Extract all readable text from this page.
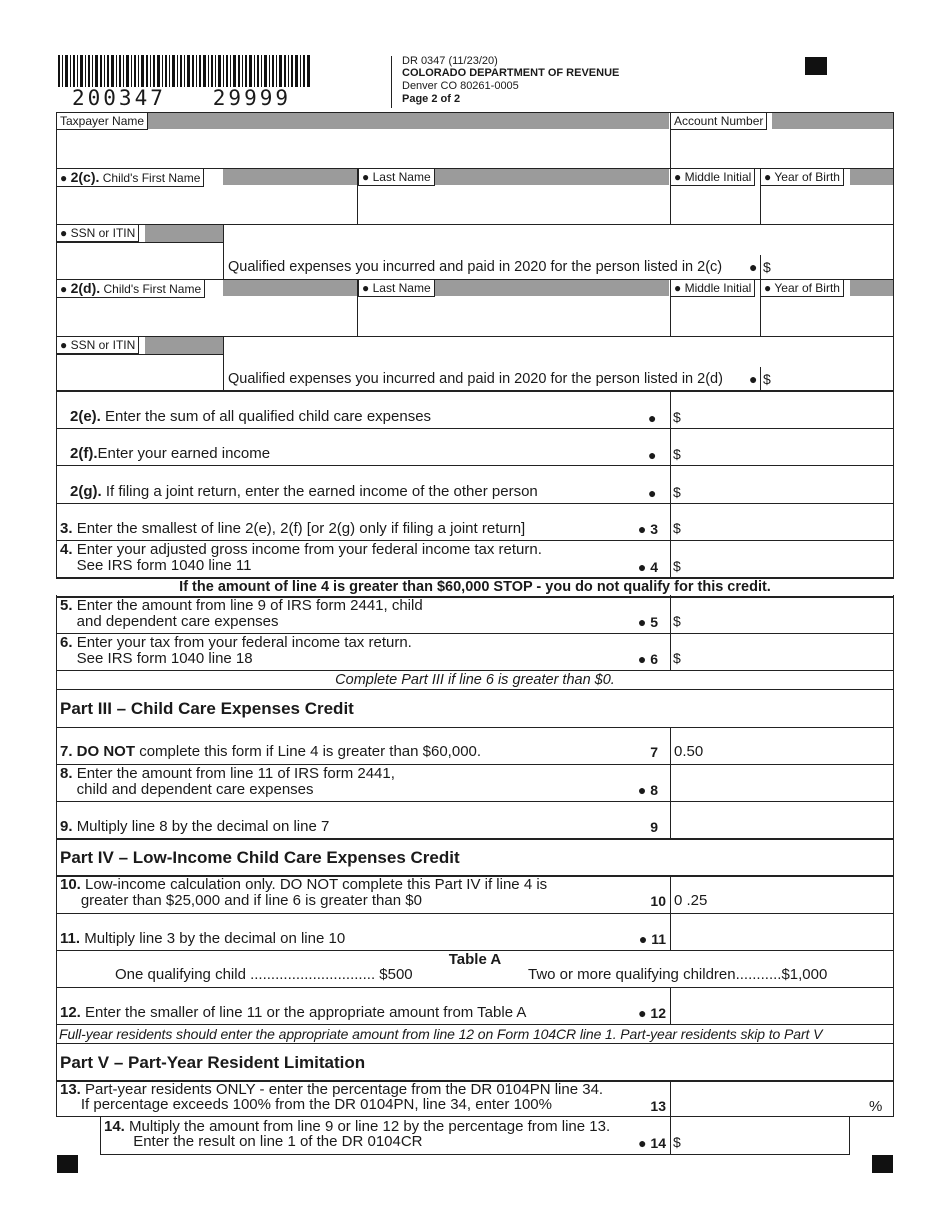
200347   29999
DR 0347 (11/23/20)
COLORADO DEPARTMENT OF REVENUE
Denver CO 80261-0005
Page 2 of 2
Taxpayer Name	Account Number
● 2(c). Child's First Name	● Last Name	● Middle Initial	● Year of Birth
● SSN or ITIN
Qualified expenses you incurred and paid in 2020 for the person listed in 2(c) ● $
● 2(d). Child's First Name	● Last Name	● Middle Initial	● Year of Birth
● SSN or ITIN
Qualified expenses you incurred and paid in 2020 for the person listed in 2(d) ● $
2(e). Enter the sum of all qualified child care expenses	● $
2(f).Enter your earned income	● $
2(g). If filing a joint return, enter the earned income of the other person	● $
3. Enter the smallest of line 2(e), 2(f) [or 2(g) only if filing a joint return]	● 3 $
4. Enter your adjusted gross income from your federal income tax return.
See IRS form 1040 line 11	● 4 $
If the amount of line 4 is greater than $60,000 STOP - you do not qualify for this credit.
5. Enter the amount from line 9 of IRS form 2441, child
and dependent care expenses	● 5 $
6. Enter your tax from your federal income tax return.
See IRS form 1040 line 18	● 6 $
Complete Part III if line 6 is greater than $0.
Part III – Child Care Expenses Credit
7. DO NOT complete this form if Line 4 is greater than $60,000.	7 0.50
8. Enter the amount from line 11 of IRS form 2441,
child and dependent care expenses	● 8
9. Multiply line 8 by the decimal on line 7	9
Part IV – Low-Income Child Care Expenses Credit
10. Low-income calculation only. DO NOT complete this Part IV if line 4 is
greater than $25,000 and if line 6 is greater than $0	10 0 .25
11. Multiply line 3 by the decimal on line 10	● 11
Table A
One qualifying child .............................. $500	Two or more qualifying children...........$1,000
12. Enter the smaller of line 11 or the appropriate amount from Table A	● 12
Full-year residents should enter the appropriate amount from line 12 on Form 104CR line 1. Part-year residents skip to Part V
Part V – Part-Year Resident Limitation
13. Part-year residents ONLY - enter the percentage from the DR 0104PN line 34.
If percentage exceeds 100% from the DR 0104PN, line 34, enter 100%	13	%
14. Multiply the amount from line 9 or line 12 by the percentage from line 13.
Enter the result on line 1 of the DR 0104CR	● 14 $
